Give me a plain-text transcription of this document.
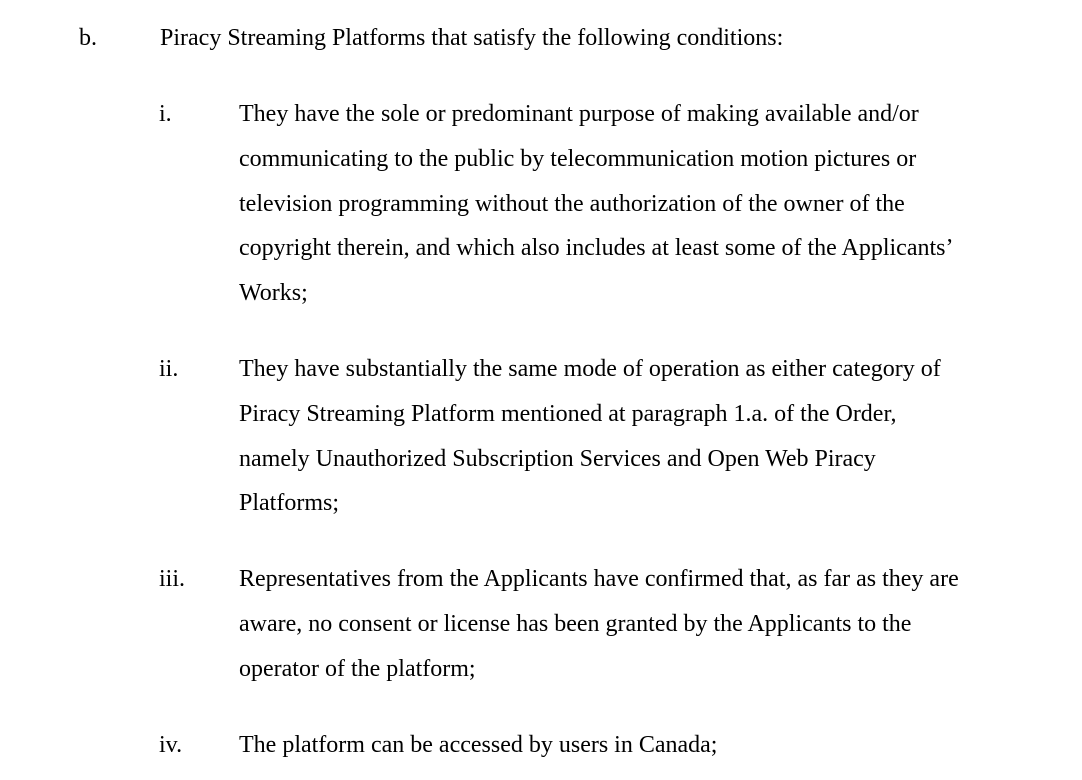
b.	Piracy Streaming Platforms that satisfy the following conditions:
i.	They have the sole or predominant purpose of making available and/or communicating to the public by telecommunication motion pictures or television programming without the authorization of the owner of the copyright therein, and which also includes at least some of the Applicants’ Works;
ii.	They have substantially the same mode of operation as either category of Piracy Streaming Platform mentioned at paragraph 1.a. of the Order, namely Unauthorized Subscription Services and Open Web Piracy Platforms;
iii. Representatives from the Applicants have confirmed that, as far as they are aware, no consent or license has been granted by the Applicants to the operator of the platform;
iv. The platform can be accessed by users in Canada;
